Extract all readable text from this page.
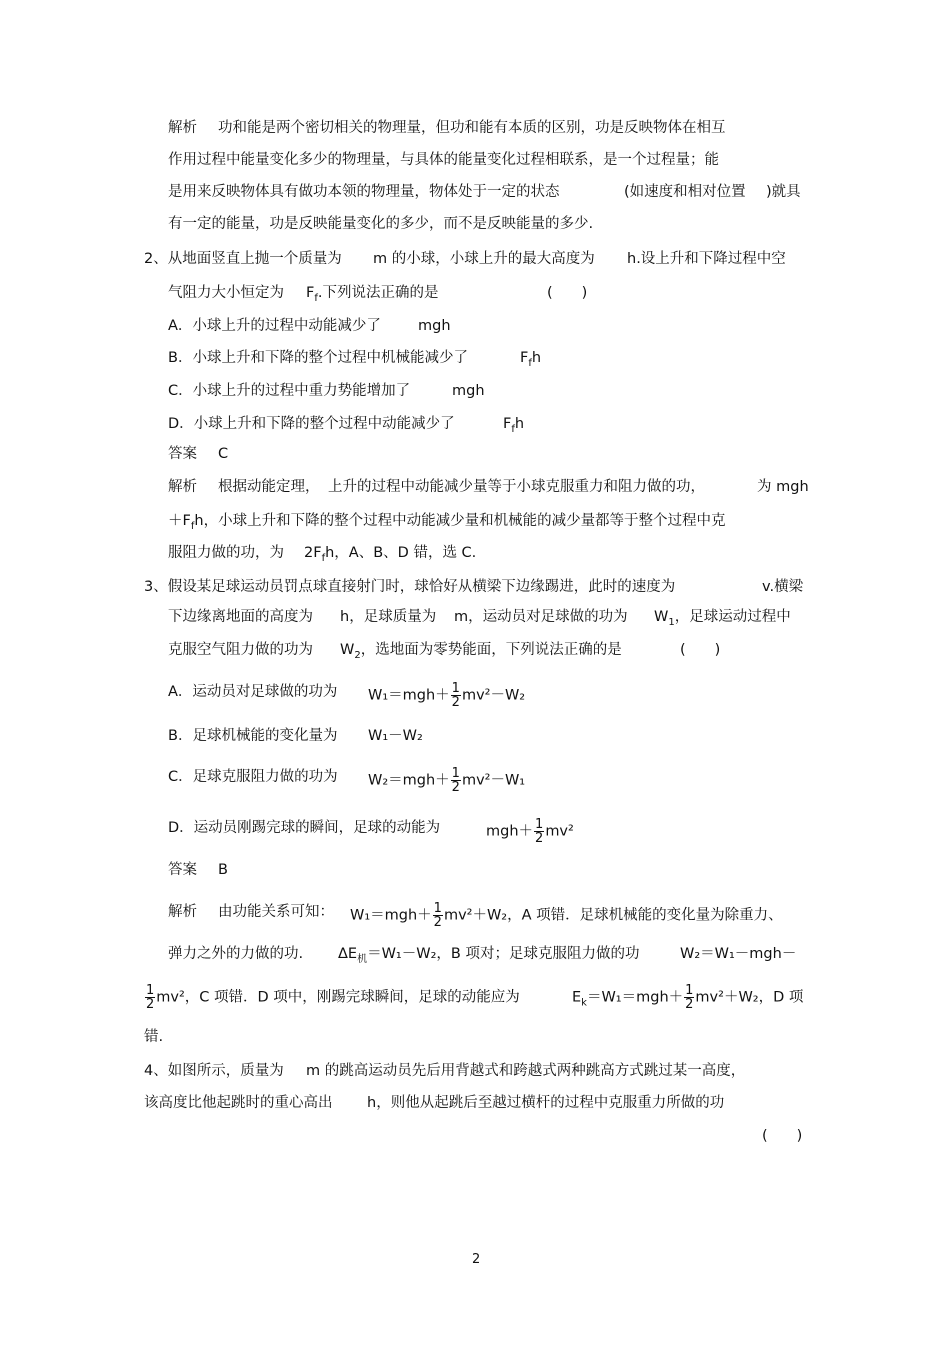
解析 功和能是两个密切相关的物理量，但功和能有本质的区别，功是反映物体在相互
作用过程中能量变化多少的物理量，与具体的能量变化过程相联系，是一个过程量；能
是用来反映物体具有做功本领的物理量，物体处于一定的状态	(如速度和相对位置 )就具
有一定的能量，功是反映能量变化的多少，而不是反映能量的多少.
2、从地面竖直上抛一个质量为 m 的小球，小球上升的最大高度为 h.设上升和下降过程中空
气阻力大小恒定为 $F_f$.下列说法正确的是	(　　)
A．小球上升的过程中动能减少了	mgh
B．小球上升和下降的整个过程中机械能减少了	$F_fh$
C．小球上升的过程中重力势能增加了	mgh
D．小球上升和下降的整个过程中动能减少了	$F_fh$
答案 C
解析 根据动能定理， 上升的过程中动能减少量等于小球克服重力和阻力做的功，	为 mgh
$+F_fh$，小球上升和下降的整个过程中动能减少量和机械能的减少量都等于整个过程中克
服阻力做的功，为 $2F_fh$，A、B、D 错，选 C.
3、假设某足球运动员罚点球直接射门时，球恰好从横梁下边缘踢进，此时的速度为	v.横梁
下边缘离地面的高度为 h，足球质量为 m，运动员对足球做的功为 $W_1$，足球运动过程中
克服空气阻力做的功为 $W_2$，选地面为零势能面，下列说法正确的是	(　　)
A．运动员对足球做的功为 $W_1=mgh+ \frac{1}{2} mv^2-W_2$
B．足球机械能的变化量为 W₁－W₂
C．足球克服阻力做的功为 $W_2=mgh+ \frac{1}{2} mv^2-W_1$
D．运动员刚踢完球的瞬间，足球的动能为	$mgh+ \frac{1}{2} mv^2$
答案 B
解析 由功能关系可知： $W_1=mgh+ \frac{1}{2} mv^2+W_2$，A 项错．足球机械能的变化量为除重力、
弹力之外的力做的功. $\Delta E_机=W_1-W_2$，B 项对；足球克服阻力做的功	W₂＝W₁－mgh－
$\frac{1}{2} mv^2$，C 项错．D 项中，刚踢完球瞬间，足球的动能应为	$E_k=W_1=mgh+ \frac{1}{2} mv^2+W_2$，D 项
错.
4、如图所示，质量为 m 的跳高运动员先后用背越式和跨越式两种跳高方式跳过某一高度，
该高度比他起跳时的重心高出 h，则他从起跳后至越过横杆的过程中克服重力所做的功
(　　)
2
